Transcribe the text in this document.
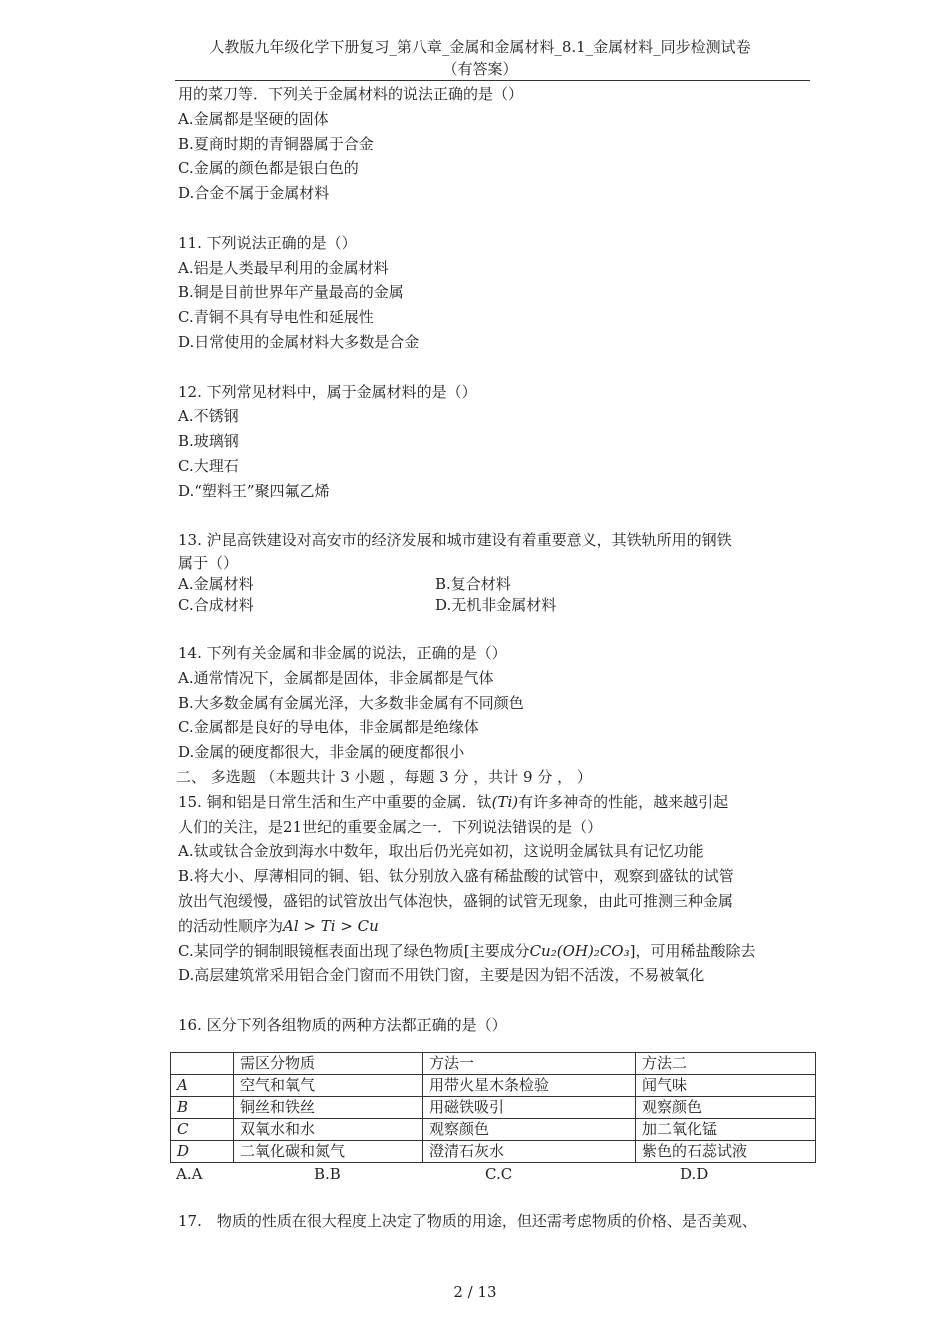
人教版九年级化学下册复习_第八章_金属和金属材料_8.1_金属材料_同步检测试卷
（有答案）
用的菜刀等．下列关于金属材料的说法正确的是（）
A.金属都是坚硬的固体
B.夏商时期的青铜器属于合金
C.金属的颜色都是银白色的
D.合金不属于金属材料
11. 下列说法正确的是（）
A.铝是人类最早利用的金属材料
B.铜是目前世界年产量最高的金属
C.青铜不具有导电性和延展性
D.日常使用的金属材料大多数是合金
12. 下列常见材料中，属于金属材料的是（）
A.不锈钢
B.玻璃钢
C.大理石
D.“塑料王”聚四氟乙烯
13. 沪昆高铁建设对高安市的经济发展和城市建设有着重要意义，其铁轨所用的钢铁
属于（）
A.金属材料	B.复合材料
C.合成材料	D.无机非金属材料
14. 下列有关金属和非金属的说法，正确的是（）
A.通常情况下，金属都是固体，非金属都是气体
B.大多数金属有金属光泽，大多数非金属有不同颜色
C.金属都是良好的导电体，非金属都是绝缘体
D.金属的硬度都很大，非金属的硬度都很小
二、 多选题 （本题共计 3 小题 ，每题 3 分 ，共计 9 分 ， ）
15. 铜和铝是日常生活和生产中重要的金属．钛(Ti)有许多神奇的性能，越来越引起
人们的关注，是21世纪的重要金属之一．下列说法错误的是（）
A.钛或钛合金放到海水中数年，取出后仍光亮如初，这说明金属钛具有记忆功能
B.将大小、厚薄相同的铜、铝、钛分别放入盛有稀盐酸的试管中，观察到盛钛的试管
放出气泡缓慢，盛铝的试管放出气体泡快，盛铜的试管无现象，由此可推测三种金属
的活动性顺序为Al > Ti > Cu
C.某同学的铜制眼镜框表面出现了绿色物质[主要成分Cu₂(OH)₂CO₃]，可用稀盐酸除去
D.高层建筑常采用铝合金门窗而不用铁门窗，主要是因为铝不活泼，不易被氧化
16. 区分下列各组物质的两种方法都正确的是（）
	需区分物质	方法一	方法二
A	空气和氧气	用带火星木条检验	闻气味
B	铜丝和铁丝	用磁铁吸引	观察颜色
C	双氧水和水	观察颜色	加二氧化锰
D	二氧化碳和氮气	澄清石灰水	紫色的石蕊试液
A.A	B.B	C.C	D.D
17.　物质的性质在很大程度上决定了物质的用途，但还需考虑物质的价格、是否美观、
2 / 13
